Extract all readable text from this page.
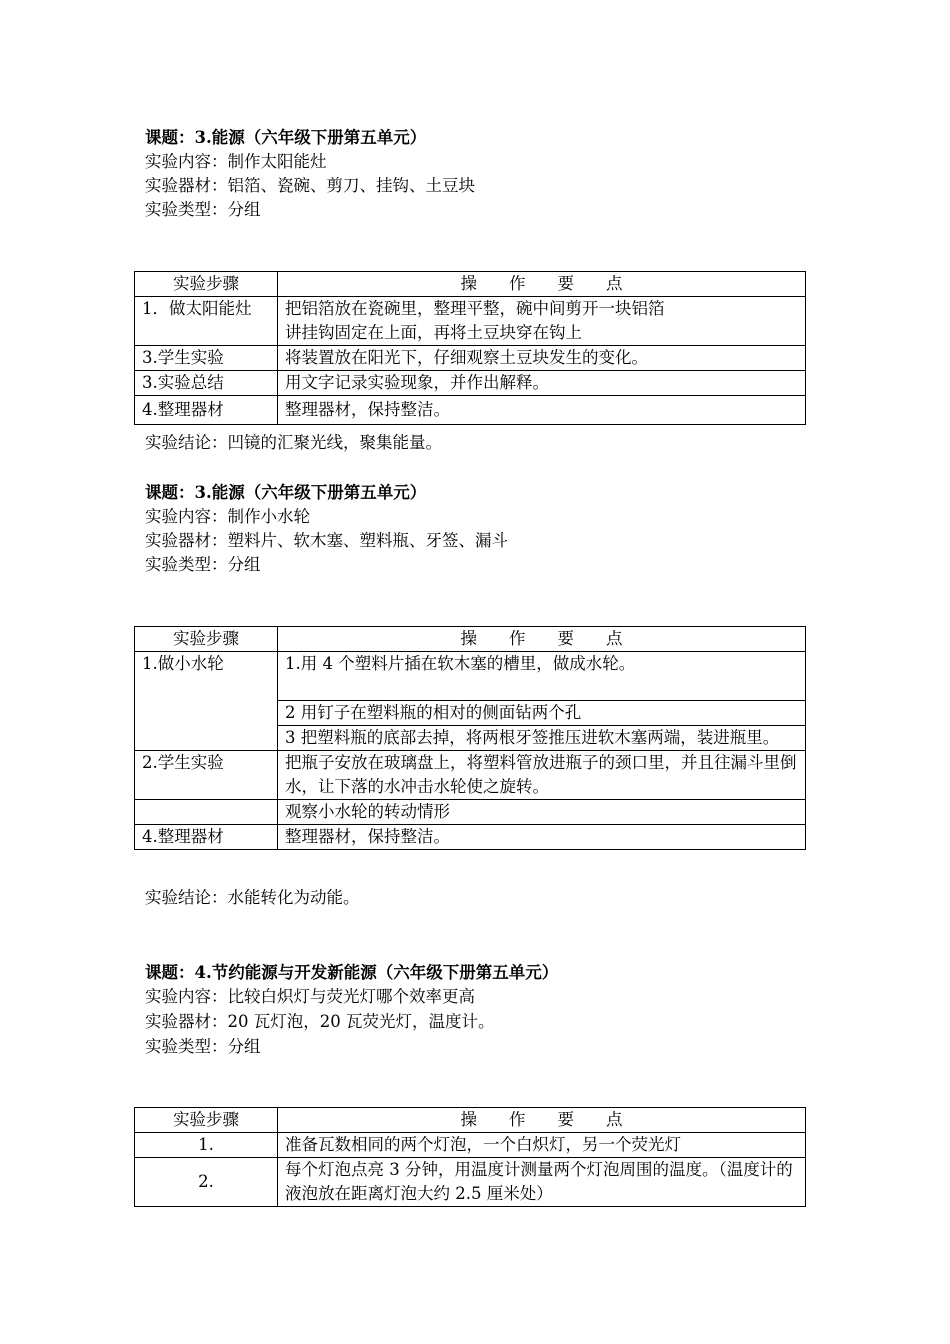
课题：3.能源（六年级下册第五单元）
实验内容：制作太阳能灶
实验器材：铝箔、瓷碗、剪刀、挂钩、土豆块
实验类型：分组
实验步骤	操 作 要 点
1．做太阳能灶	把铝箔放在瓷碗里，整理平整，碗中间剪开一块铝箔
讲挂钩固定在上面，再将土豆块穿在钩上

3.学生实验	将装置放在阳光下，仔细观察土豆块发生的变化。
3.实验总结	用文字记录实验现象，并作出解释。
4.整理器材	整理器材，保持整洁。
实验结论：凹镜的汇聚光线，聚集能量。
课题：3.能源（六年级下册第五单元）
实验内容：制作小水轮
实验器材：塑料片、软木塞、塑料瓶、牙签、漏斗
实验类型：分组
实验步骤	操 作 要 点
1.做小水轮	1.用 4 个塑料片插在软木塞的槽里，做成水轮。
	2 用钉子在塑料瓶的相对的侧面钻两个孔
	3 把塑料瓶的底部去掉，将两根牙签推压进软木塞两端，装进瓶里。
2.学生实验	把瓶子安放在玻璃盘上，将塑料管放进瓶子的颈口里，并且往漏斗里倒水，让下落的水冲击水轮使之旋转。
	观察小水轮的转动情形
4.整理器材	整理器材，保持整洁。
实验结论：水能转化为动能。
课题：4.节约能源与开发新能源（六年级下册第五单元）
实验内容：比较白炽灯与荧光灯哪个效率更高
实验器材：20 瓦灯泡，20 瓦荧光灯，温度计。
实验类型：分组
实验步骤	操 作 要 点
1.	准备瓦数相同的两个灯泡，一个白炽灯，另一个荧光灯
2.	每个灯泡点亮 3 分钟，用温度计测量两个灯泡周围的温度。（温度计的液泡放在距离灯泡大约 2.5 厘米处）
